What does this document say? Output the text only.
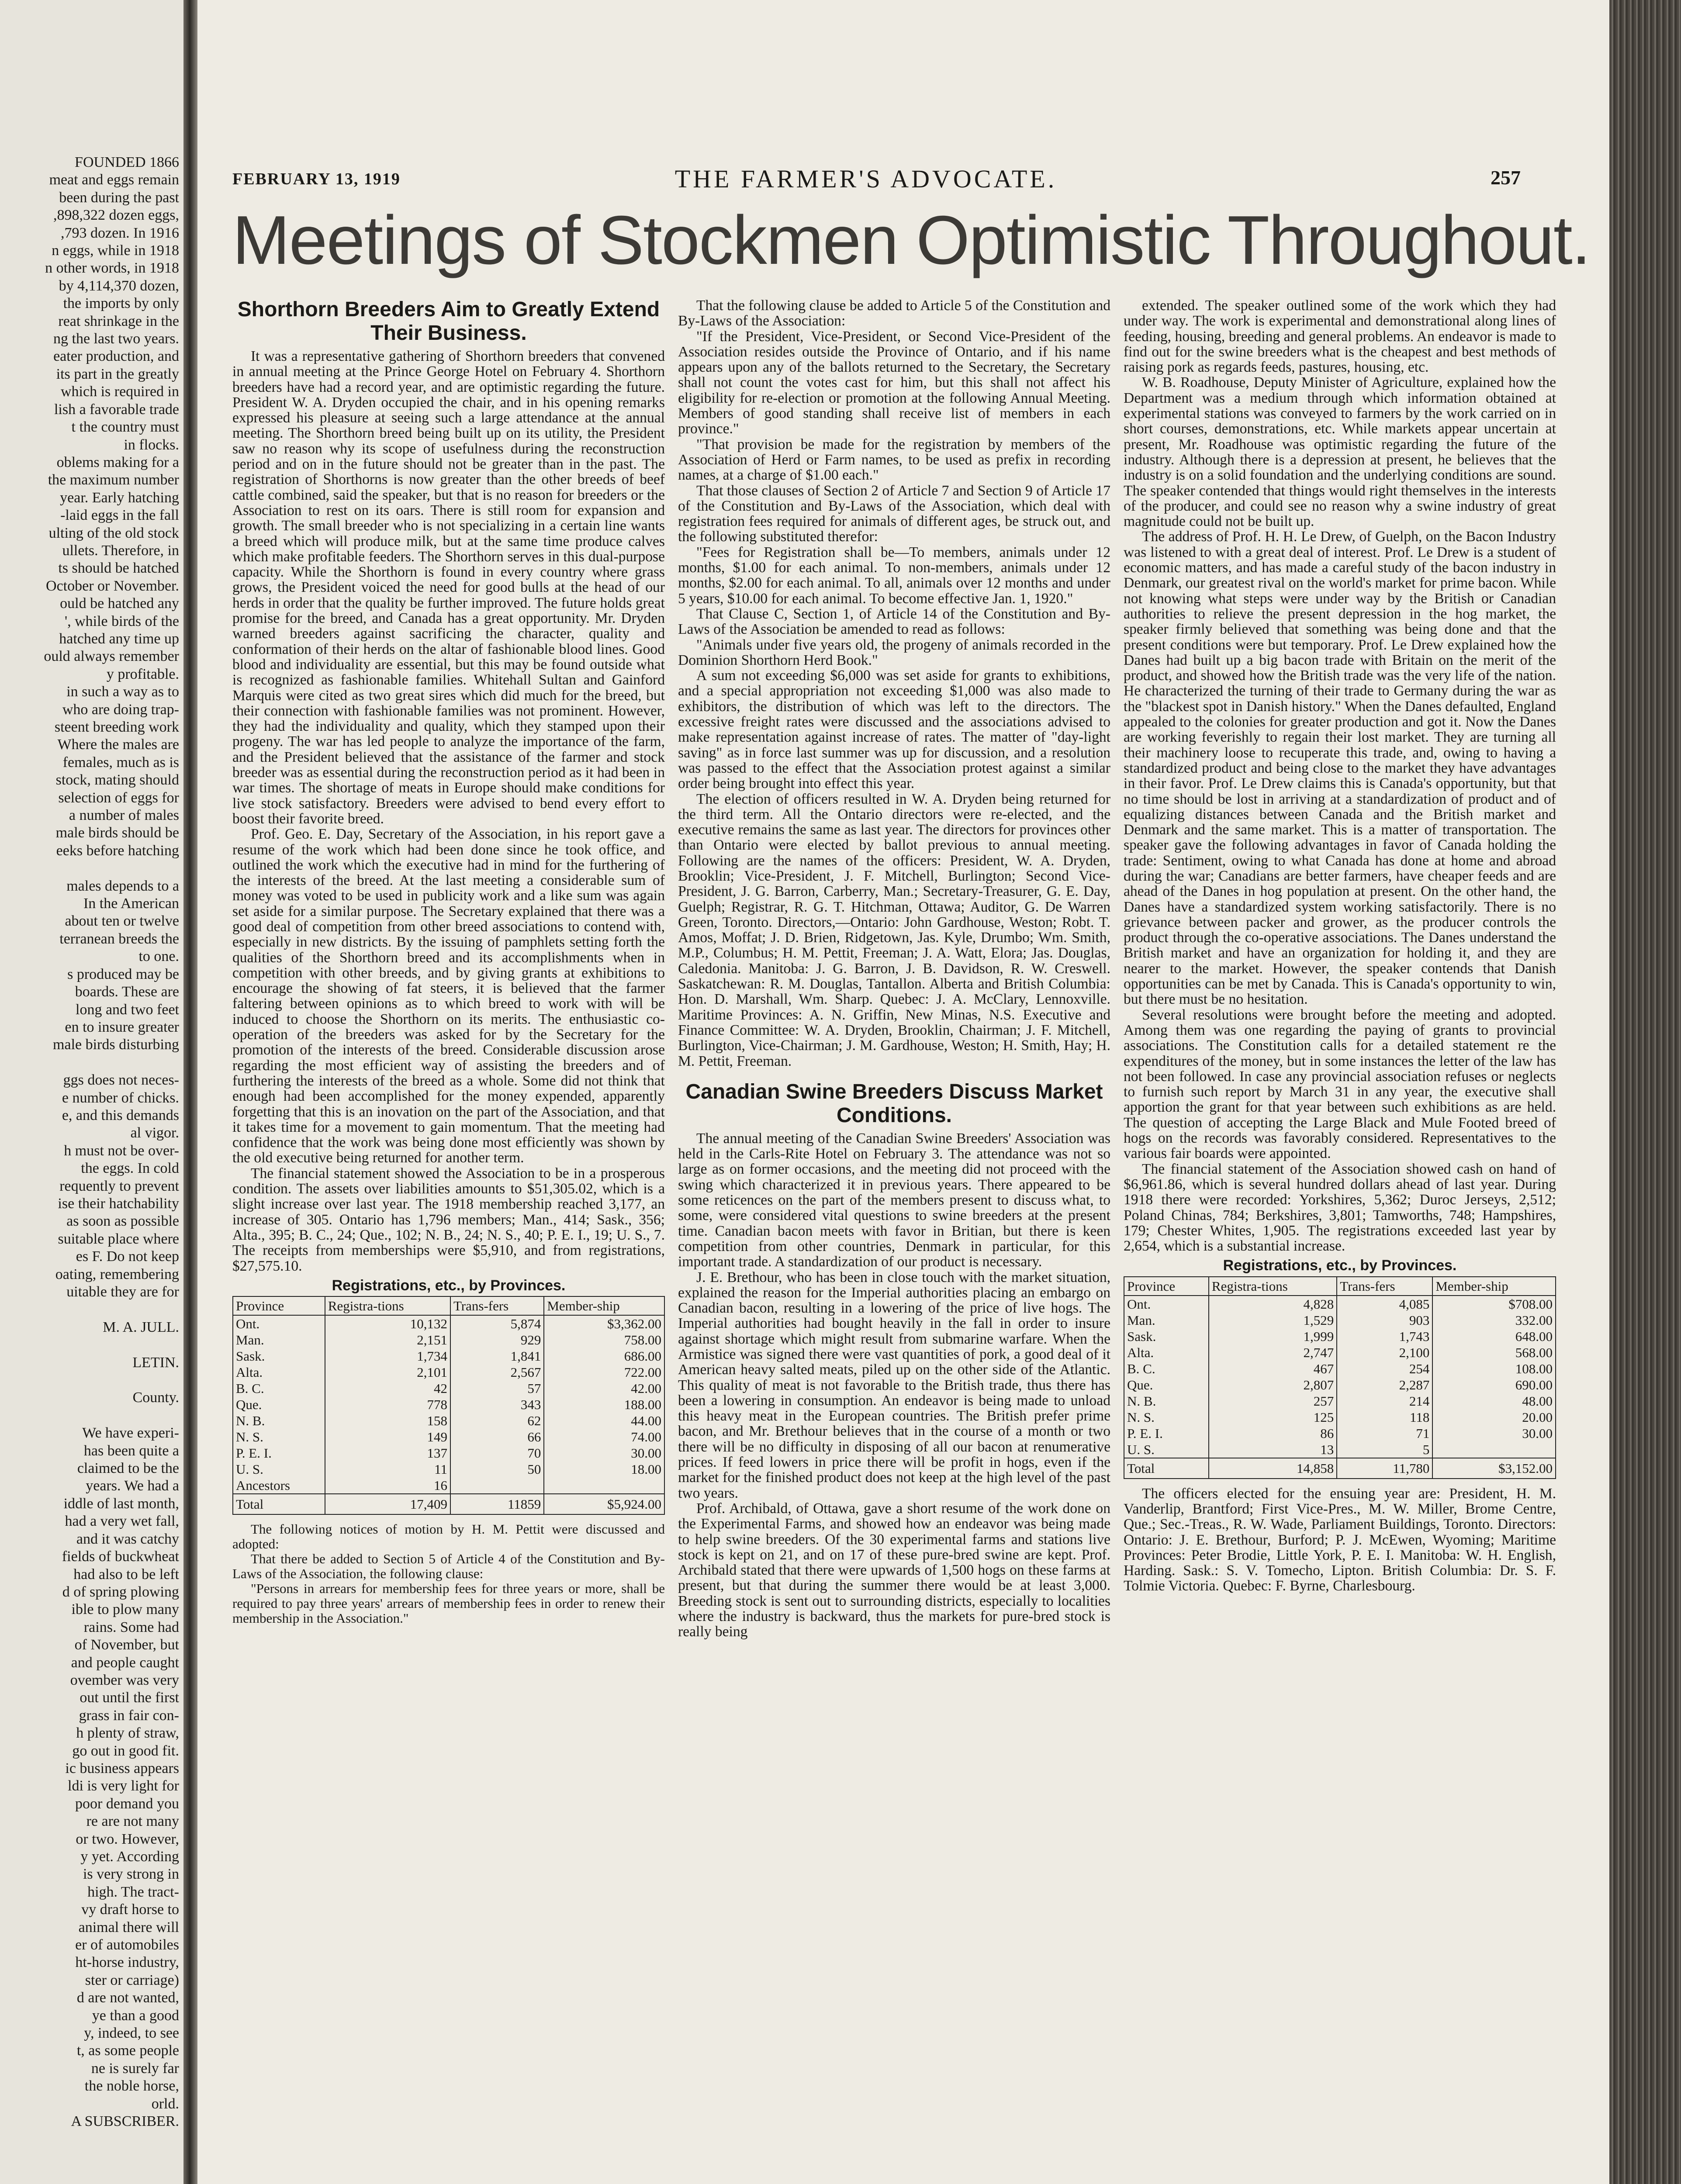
FOUNDED 1866

meat and eggs remain

been during the past

,898,322 dozen eggs,

,793 dozen. In 1916

n eggs, while in 1918

n other words, in 1918

by 4,114,370 dozen,

the imports by only

reat shrinkage in the

ng the last two years.

eater production, and

its part in the greatly

which is required in

lish a favorable trade

t the country must

in flocks.

oblems making for a

the maximum number

year. Early hatching

-laid eggs in the fall

ulting of the old stock

ullets. Therefore, in

ts should be hatched

October or November.

ould be hatched any

', while birds of the

hatched any time up

ould always remember

y profitable.

in such a way as to

who are doing trap-

steent breeding work

Where the males are

females, much as is

stock, mating should

selection of eggs for

a number of males

male birds should be

eeks before hatching

males depends to a

In the American

about ten or twelve

terranean breeds the

to one.

s produced may be

boards. These are

long and two feet

en to insure greater

male birds disturbing

ggs does not neces-

e number of chicks.

e, and this demands

al vigor.

h must not be over-

the eggs. In cold

requently to prevent

ise their hatchability

as soon as possible

suitable place where

es F. Do not keep

oating, remembering

uitable they are for

M. A. JULL.

LETIN.

County.

We have experi-

has been quite a

claimed to be the

years. We had a

iddle of last month,

had a very wet fall,

and it was catchy

fields of buckwheat

had also to be left

d of spring plowing

ible to plow many

rains. Some had

of November, but

and people caught

ovember was very

out until the first

grass in fair con-

h plenty of straw,

go out in good fit.

ic business appears

ldi is very light for

poor demand you

re are not many

or two. However,

y yet. According

is very strong in

high. The tract-

vy draft horse to

animal there will

er of automobiles

ht-horse industry,

ster or carriage)

d are not wanted,

ye than a good

y, indeed, to see

t, as some people

ne is surely far

the noble horse,

orld.

A SUBSCRIBER.

FEBRUARY 13, 1919	THE FARMER'S ADVOCATE.	257
Meetings of Stockmen Optimistic Throughout.
Shorthorn Breeders Aim to Greatly Extend Their Business.

It was a representative gathering of Shorthorn breeders that convened in annual meeting at the Prince George Hotel on February 4. Shorthorn breeders have had a record year, and are optimistic regarding the future. President W. A. Dryden occupied the chair, and in his opening remarks expressed his pleasure at seeing such a large attendance at the annual meeting. The Shorthorn breed being built up on its utility, the President saw no reason why its scope of usefulness during the reconstruction period and on in the future should not be greater than in the past. The registration of Shorthorns is now greater than the other breeds of beef cattle combined, said the speaker, but that is no reason for breeders or the Association to rest on its oars. There is still room for expansion and growth. The small breeder who is not specializing in a certain line wants a breed which will produce milk, but at the same time produce calves which make profitable feeders. The Shorthorn serves in this dual-purpose capacity. While the Shorthorn is found in every country where grass grows, the President voiced the need for good bulls at the head of our herds in order that the quality be further improved. The future holds great promise for the breed, and Canada has a great opportunity. Mr. Dryden warned breeders against sacrificing the character, quality and conformation of their herds on the altar of fashionable blood lines. Good blood and individuality are essential, but this may be found outside what is recognized as fashionable families. Whitehall Sultan and Gainford Marquis were cited as two great sires which did much for the breed, but their connection with fashionable families was not prominent. However, they had the individuality and quality, which they stamped upon their progeny. The war has led people to analyze the importance of the farm, and the President believed that the assistance of the farmer and stock breeder was as essential during the reconstruction period as it had been in war times. The shortage of meats in Europe should make conditions for live stock satisfactory. Breeders were advised to bend every effort to boost their favorite breed.

Prof. Geo. E. Day, Secretary of the Association, in his report gave a resume of the work which had been done since he took office, and outlined the work which the executive had in mind for the furthering of the interests of the breed. At the last meeting a considerable sum of money was voted to be used in publicity work and a like sum was again set aside for a similar purpose. The Secretary explained that there was a good deal of competition from other breed associations to contend with, especially in new districts. By the issuing of pamphlets setting forth the qualities of the Shorthorn breed and its accomplishments when in competition with other breeds, and by giving grants at exhibitions to encourage the showing of fat steers, it is believed that the farmer faltering between opinions as to which breed to work with will be induced to choose the Shorthorn on its merits. The enthusiastic co-operation of the breeders was asked for by the Secretary for the promotion of the interests of the breed. Considerable discussion arose regarding the most efficient way of assisting the breeders and of furthering the interests of the breed as a whole. Some did not think that enough had been accomplished for the money expended, apparently forgetting that this is an inovation on the part of the Association, and that it takes time for a movement to gain momentum. That the meeting had confidence that the work was being done most efficiently was shown by the old executive being returned for another term.

The financial statement showed the Association to be in a prosperous condition. The assets over liabilities amounts to $51,305.02, which is a slight increase over last year. The 1918 membership reached 3,177, an increase of 305. Ontario has 1,796 members; Man., 414; Sask., 356; Alta., 395; B. C., 24; Que., 102; N. B., 24; N. S., 40; P. E. I., 19; U. S., 7. The receipts from memberships were $5,910, and from registrations, $27,575.10.

Registrations, etc., by Provinces.
Province	Registra-tions	Trans-fers	Member-ship
Ont.	10,132	5,874	$3,362.00
Man.	2,151	929	758.00
Sask.	1,734	1,841	686.00
Alta.	2,101	2,567	722.00
B. C.	42	57	42.00
Que.	778	343	188.00
N. B.	158	62	44.00
N. S.	149	66	74.00
P. E. I.	137	70	30.00
U. S.	11	50	18.00
Ancestors	16		
Total	17,409	11859	$5,924.00

The following notices of motion by H. M. Pettit were discussed and adopted:

That there be added to Section 5 of Article 4 of the Constitution and By-Laws of the Association, the following clause:

"Persons in arrears for membership fees for three years or more, shall be required to pay three years' arrears of membership fees in order to renew their membership in the Association."

That the following clause be added to Article 5 of the Constitution and By-Laws of the Association:

"If the President, Vice-President, or Second Vice-President of the Association resides outside the Province of Ontario, and if his name appears upon any of the ballots returned to the Secretary, the Secretary shall not count the votes cast for him, but this shall not affect his eligibility for re-election or promotion at the following Annual Meeting. Members of good standing shall receive list of members in each province."

"That provision be made for the registration by members of the Association of Herd or Farm names, to be used as prefix in recording names, at a charge of $1.00 each."

That those clauses of Section 2 of Article 7 and Section 9 of Article 17 of the Constitution and By-Laws of the Association, which deal with registration fees required for animals of different ages, be struck out, and the following substituted therefor:

"Fees for Registration shall be—To members, animals under 12 months, $1.00 for each animal. To non-members, animals under 12 months, $2.00 for each animal. To all, animals over 12 months and under 5 years, $10.00 for each animal. To become effective Jan. 1, 1920."

That Clause C, Section 1, of Article 14 of the Constitution and By-Laws of the Association be amended to read as follows:

"Animals under five years old, the progeny of animals recorded in the Dominion Shorthorn Herd Book."

A sum not exceeding $6,000 was set aside for grants to exhibitions, and a special appropriation not exceeding $1,000 was also made to exhibitors, the distribution of which was left to the directors. The excessive freight rates were discussed and the associations advised to make representation against increase of rates. The matter of "day-light saving" as in force last summer was up for discussion, and a resolution was passed to the effect that the Association protest against a similar order being brought into effect this year.

The election of officers resulted in W. A. Dryden being returned for the third term. All the Ontario directors were re-elected, and the executive remains the same as last year. The directors for provinces other than Ontario were elected by ballot previous to annual meeting. Following are the names of the officers: President, W. A. Dryden, Brooklin; Vice-President, J. F. Mitchell, Burlington; Second Vice-President, J. G. Barron, Carberry, Man.; Secretary-Treasurer, G. E. Day, Guelph; Registrar, R. G. T. Hitchman, Ottawa; Auditor, G. De Warren Green, Toronto. Directors,—Ontario: John Gardhouse, Weston; Robt. T. Amos, Moffat; J. D. Brien, Ridgetown, Jas. Kyle, Drumbo; Wm. Smith, M.P., Columbus; H. M. Pettit, Freeman; J. A. Watt, Elora; Jas. Douglas, Caledonia. Manitoba: J. G. Barron, J. B. Davidson, R. W. Creswell. Saskatchewan: R. M. Douglas, Tantallon. Alberta and British Columbia: Hon. D. Marshall, Wm. Sharp. Quebec: J. A. McClary, Lennoxville. Maritime Provinces: A. N. Griffin, New Minas, N.S. Executive and Finance Committee: W. A. Dryden, Brooklin, Chairman; J. F. Mitchell, Burlington, Vice-Chairman; J. M. Gardhouse, Weston; H. Smith, Hay; H. M. Pettit, Freeman.

Canadian Swine Breeders Discuss Market Conditions.

The annual meeting of the Canadian Swine Breeders' Association was held in the Carls-Rite Hotel on February 3. The attendance was not so large as on former occasions, and the meeting did not proceed with the swing which characterized it in previous years. There appeared to be some reticences on the part of the members present to discuss what, to some, were considered vital questions to swine breeders at the present time. Canadian bacon meets with favor in Britian, but there is keen competition from other countries, Denmark in particular, for this important trade. A standardization of our product is necessary.

J. E. Brethour, who has been in close touch with the market situation, explained the reason for the Imperial authorities placing an embargo on Canadian bacon, resulting in a lowering of the price of live hogs. The Imperial authorities had bought heavily in the fall in order to insure against shortage which might result from submarine warfare. When the Armistice was signed there were vast quantities of pork, a good deal of it American heavy salted meats, piled up on the other side of the Atlantic. This quality of meat is not favorable to the British trade, thus there has been a lowering in consumption. An endeavor is being made to unload this heavy meat in the European countries. The British prefer prime bacon, and Mr. Brethour believes that in the course of a month or two there will be no difficulty in disposing of all our bacon at renumerative prices. If feed lowers in price there will be profit in hogs, even if the market for the finished product does not keep at the high level of the past two years.

Prof. Archibald, of Ottawa, gave a short resume of the work done on the Experimental Farms, and showed how an endeavor was being made to help swine breeders. Of the 30 experimental farms and stations live stock is kept on 21, and on 17 of these pure-bred swine are kept. Prof. Archibald stated that there were upwards of 1,500 hogs on these farms at present, but that during the summer there would be at least 3,000. Breeding stock is sent out to surrounding districts, especially to localities where the industry is backward, thus the markets for pure-bred stock is really being

extended. The speaker outlined some of the work which they had under way. The work is experimental and demonstrational along lines of feeding, housing, breeding and general problems. An endeavor is made to find out for the swine breeders what is the cheapest and best methods of raising pork as regards feeds, pastures, housing, etc.

W. B. Roadhouse, Deputy Minister of Agriculture, explained how the Department was a medium through which information obtained at experimental stations was conveyed to farmers by the work carried on in short courses, demonstrations, etc. While markets appear uncertain at present, Mr. Roadhouse was optimistic regarding the future of the industry. Although there is a depression at present, he believes that the industry is on a solid foundation and the underlying conditions are sound. The speaker contended that things would right themselves in the interests of the producer, and could see no reason why a swine industry of great magnitude could not be built up.

The address of Prof. H. H. Le Drew, of Guelph, on the Bacon Industry was listened to with a great deal of interest. Prof. Le Drew is a student of economic matters, and has made a careful study of the bacon industry in Denmark, our greatest rival on the world's market for prime bacon. While not knowing what steps were under way by the British or Canadian authorities to relieve the present depression in the hog market, the speaker firmly believed that something was being done and that the present conditions were but temporary. Prof. Le Drew explained how the Danes had built up a big bacon trade with Britain on the merit of the product, and showed how the British trade was the very life of the nation. He characterized the turning of their trade to Germany during the war as the "blackest spot in Danish history." When the Danes defaulted, England appealed to the colonies for greater production and got it. Now the Danes are working feverishly to regain their lost market. They are turning all their machinery loose to recuperate this trade, and, owing to having a standardized product and being close to the market they have advantages in their favor. Prof. Le Drew claims this is Canada's opportunity, but that no time should be lost in arriving at a standardization of product and of equalizing distances between Canada and the British market and Denmark and the same market. This is a matter of transportation. The speaker gave the following advantages in favor of Canada holding the trade: Sentiment, owing to what Canada has done at home and abroad during the war; Canadians are better farmers, have cheaper feeds and are ahead of the Danes in hog population at present. On the other hand, the Danes have a standardized system working satisfactorily. There is no grievance between packer and grower, as the producer controls the product through the co-operative associations. The Danes understand the British market and have an organization for holding it, and they are nearer to the market. However, the speaker contends that Danish opportunities can be met by Canada. This is Canada's opportunity to win, but there must be no hesitation.

Several resolutions were brought before the meeting and adopted. Among them was one regarding the paying of grants to provincial associations. The Constitution calls for a detailed statement re the expenditures of the money, but in some instances the letter of the law has not been followed. In case any provincial association refuses or neglects to furnish such report by March 31 in any year, the executive shall apportion the grant for that year between such exhibitions as are held. The question of accepting the Large Black and Mule Footed breed of hogs on the records was favorably considered. Representatives to the various fair boards were appointed.

The financial statement of the Association showed cash on hand of $6,961.86, which is several hundred dollars ahead of last year. During 1918 there were recorded: Yorkshires, 5,362; Duroc Jerseys, 2,512; Poland Chinas, 784; Berkshires, 3,801; Tamworths, 748; Hampshires, 179; Chester Whites, 1,905. The registrations exceeded last year by 2,654, which is a substantial increase.

Registrations, etc., by Provinces.
Province	Registra-tions	Trans-fers	Member-ship
Ont.	4,828	4,085	$708.00
Man.	1,529	903	332.00
Sask.	1,999	1,743	648.00
Alta.	2,747	2,100	568.00
B. C.	467	254	108.00
Que.	2,807	2,287	690.00
N. B.	257	214	48.00
N. S.	125	118	20.00
P. E. I.	86	71	30.00
U. S.	13	5	
Total	14,858	11,780	$3,152.00

The officers elected for the ensuing year are: President, H. M. Vanderlip, Brantford; First Vice-Pres., M. W. Miller, Brome Centre, Que.; Sec.-Treas., R. W. Wade, Parliament Buildings, Toronto. Directors: Ontario: J. E. Brethour, Burford; P. J. McEwen, Wyoming; Maritime Provinces: Peter Brodie, Little York, P. E. I. Manitoba: W. H. English, Harding. Sask.: S. V. Tomecho, Lipton. British Columbia: Dr. S. F. Tolmie Victoria. Quebec: F. Byrne, Charlesbourg.
